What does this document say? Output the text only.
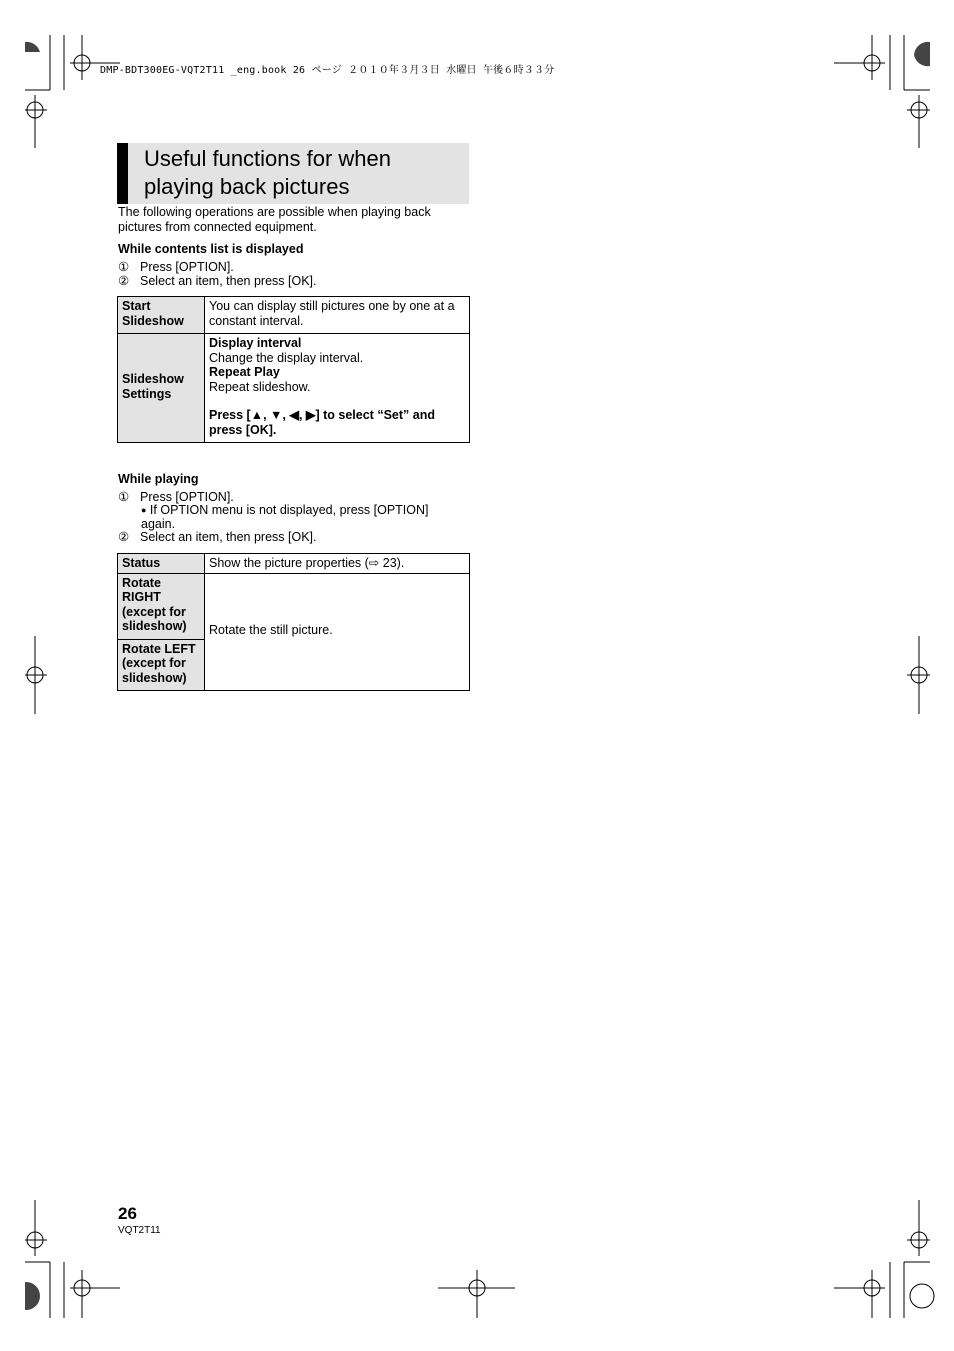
DMP-BDT300EG-VQT2T11 _eng.book 26 ページ ２０１０年３月３日 水曜日 午後６時３３分
Useful functions for when
playing back pictures
The following operations are possible when playing back pictures from connected equipment.
While contents list is displayed
① Press [OPTION].
② Select an item, then press [OK].
Start Slideshow	You can display still pictures one by one at a constant interval.
Slideshow Settings	Display interval
Change the display interval.
Repeat Play
Repeat slideshow.
Press [▲, ▼, ◀, ▶] to select “Set” and press [OK].
While playing
① Press [OPTION].
● If OPTION menu is not displayed, press [OPTION] again.
② Select an item, then press [OK].
Status	Show the picture properties (⇨ 23).
Rotate RIGHT (except for slideshow)	Rotate the still picture.
Rotate LEFT (except for slideshow)	
26
VQT2T11
